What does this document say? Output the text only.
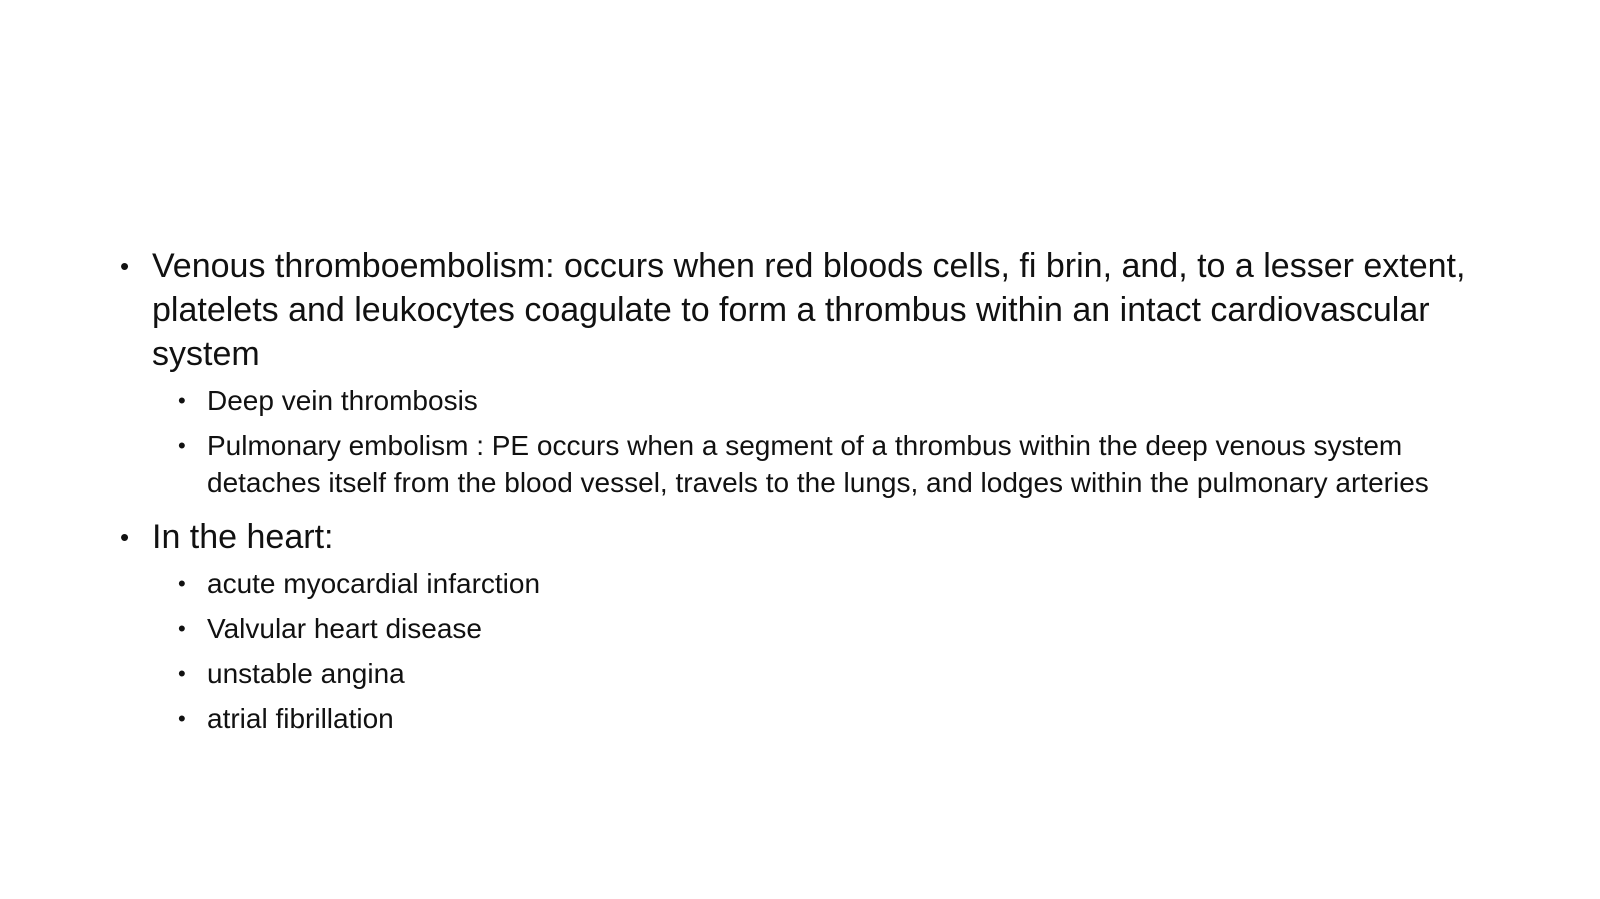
• Venous thromboembolism: occurs when red bloods cells, fi brin, and, to a lesser extent, platelets and leukocytes coagulate to form a thrombus within an intact cardiovascular system
• Deep vein thrombosis
• Pulmonary embolism : PE occurs when a segment of a thrombus within the deep venous system detaches itself from the blood vessel, travels to the lungs, and lodges within the pulmonary arteries
• In the heart:
• acute myocardial infarction
• Valvular heart disease
• unstable angina
• atrial fibrillation
